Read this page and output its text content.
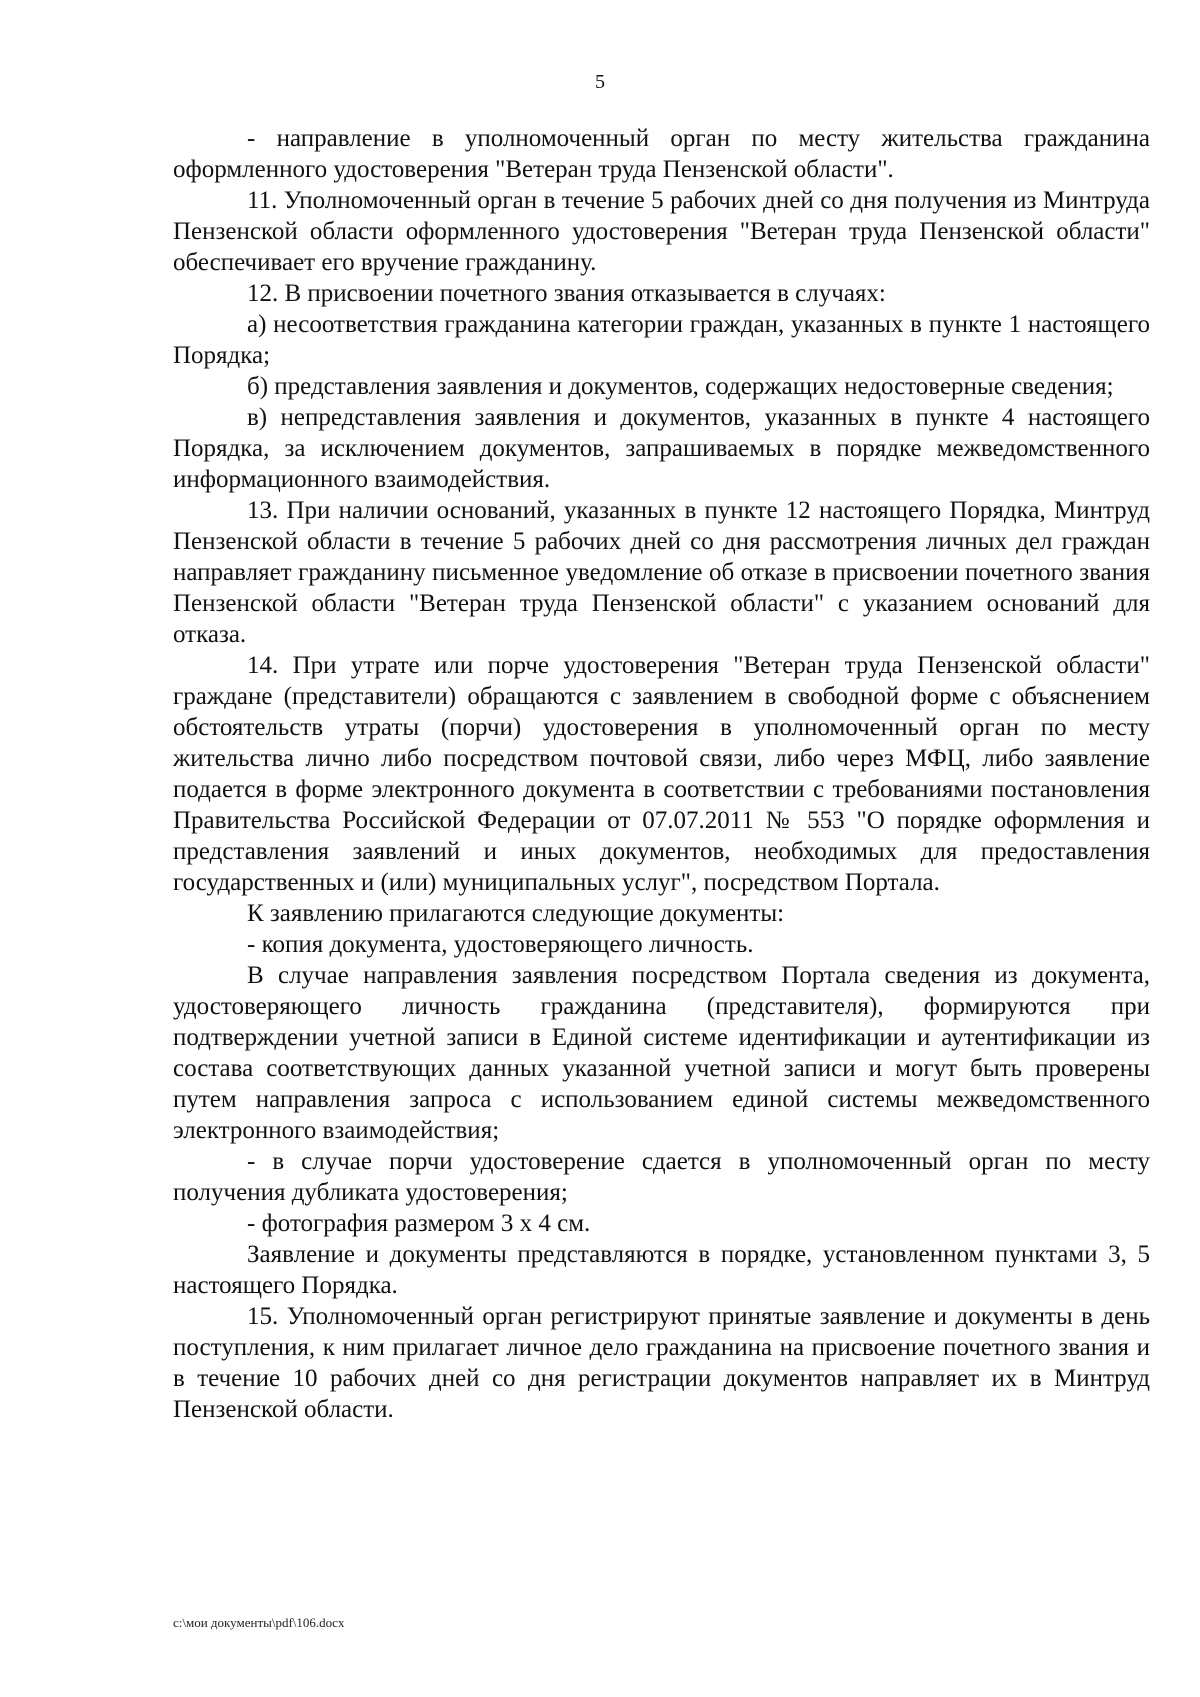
5

- направление в уполномоченный орган по месту жительства гражданина оформленного удостоверения "Ветеран труда Пензенской области".

11. Уполномоченный орган в течение 5 рабочих дней со дня получения из Минтруда Пензенской области оформленного удостоверения "Ветеран труда Пензенской области" обеспечивает его вручение гражданину.

12. В присвоении почетного звания отказывается в случаях:

а) несоответствия гражданина категории граждан, указанных в пункте 1 настоящего Порядка;

б) представления заявления и документов, содержащих недостоверные сведения;

в) непредставления заявления и документов, указанных в пункте 4 настоящего Порядка, за исключением документов, запрашиваемых в порядке межведомственного информационного взаимодействия.

13. При наличии оснований, указанных в пункте 12 настоящего Порядка, Минтруд Пензенской области в течение 5 рабочих дней со дня рассмотрения личных дел граждан направляет гражданину письменное уведомление об отказе в присвоении почетного звания Пензенской области "Ветеран труда Пензенской области" с указанием оснований для отказа.

14. При утрате или порче удостоверения "Ветеран труда Пензенской области" граждане (представители) обращаются с заявлением в свободной форме с объяснением обстоятельств утраты (порчи) удостоверения в уполномоченный орган по месту жительства лично либо посредством почтовой связи, либо через МФЦ, либо заявление подается в форме электронного документа в соответствии с требованиями постановления Правительства Российской Федерации от 07.07.2011 № 553 "О порядке оформления и представления заявлений и иных документов, необходимых для предоставления государственных и (или) муниципальных услуг", посредством Портала.

К заявлению прилагаются следующие документы:

- копия документа, удостоверяющего личность.

В случае направления заявления посредством Портала сведения из документа, удостоверяющего личность гражданина (представителя), формируются при подтверждении учетной записи в Единой системе идентификации и аутентификации из состава соответствующих данных указанной учетной записи и могут быть проверены путем направления запроса с использованием единой системы межведомственного электронного взаимодействия;

- в случае порчи удостоверение сдается в уполномоченный орган по месту получения дубликата удостоверения;

- фотография размером 3 х 4 см.

Заявление и документы представляются в порядке, установленном пунктами 3, 5 настоящего Порядка.

15. Уполномоченный орган регистрируют принятые заявление и документы в день поступления, к ним прилагает личное дело гражданина на присвоение почетного звания и в течение 10 рабочих дней со дня регистрации документов направляет их в Минтруд Пензенской области.

c:\мои документы\pdf\106.docx
